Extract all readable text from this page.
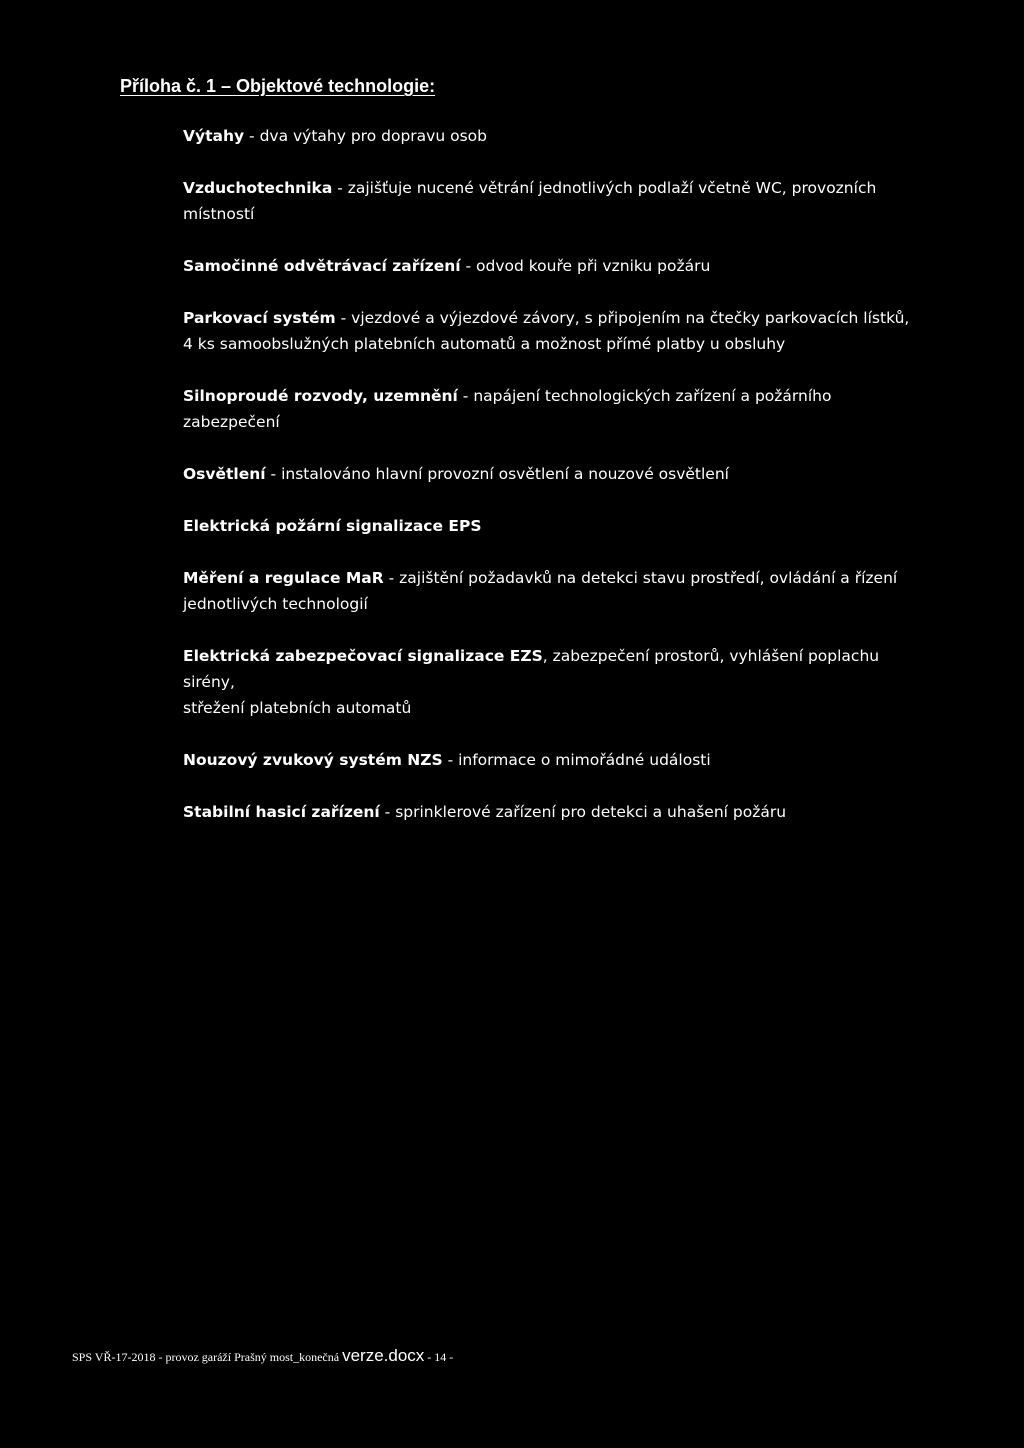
Příloha č. 1 – Objektové technologie:
Výtahy - dva výtahy pro dopravu osob
Vzduchotechnika - zajišťuje nucené větrání jednotlivých podlaží včetně WC, provozních místností
Samočinné odvětrávací zařízení - odvod kouře při vzniku požáru
Parkovací systém - vjezdové a výjezdové závory, s připojením na čtečky parkovacích lístků, 4 ks samoobslužných platebních automatů a možnost přímé platby u obsluhy
Silnoproudé rozvody, uzemnění - napájení technologických zařízení a požárního zabezpečení
Osvětlení - instalováno hlavní provozní osvětlení a nouzové osvětlení
Elektrická požární signalizace EPS
Měření a regulace MaR - zajištění požadavků na detekci stavu prostředí, ovládání a řízení jednotlivých technologií
Elektrická zabezpečovací signalizace EZS, zabezpečení prostorů, vyhlášení poplachu sirény,
střežení platebních automatů
Nouzový zvukový systém NZS - informace o mimořádné události
Stabilní hasicí zařízení - sprinklerové zařízení pro detekci a uhašení požáru
SPS VŘ-17-2018 - provoz garáží Prašný most_konečná verze.docx - 14 -
